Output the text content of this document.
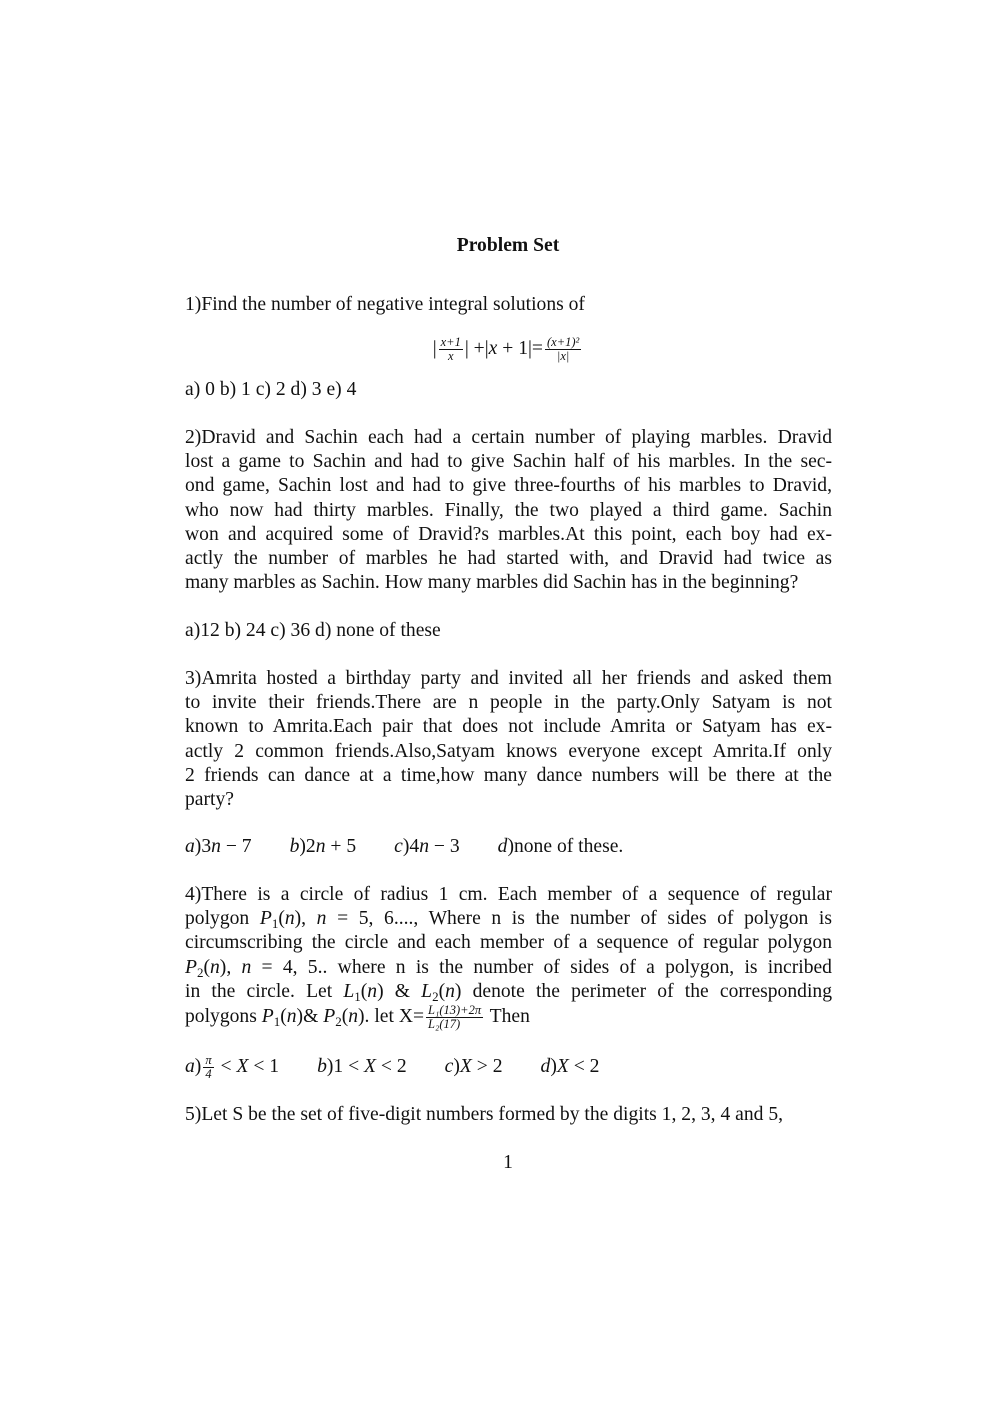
Problem Set
1)Find the number of negative integral solutions of
| $\frac{x+1}{x}$ | $+|x + 1|= \frac{\text{(x+1)²}}{|x|}$
a) 0 b) 1 c) 2 d) 3 e) 4
2)Dravid and Sachin each had a certain number of playing marbles. Dravid
lost a game to Sachin and had to give Sachin half of his marbles. In the sec-
ond game, Sachin lost and had to give three-fourths of his marbles to Dravid,
who now had thirty marbles. Finally, the two played a third game. Sachin
won and acquired some of Dravid?s marbles.At this point, each boy had ex-
actly the number of marbles he had started with, and Dravid had twice as
many marbles as Sachin. How many marbles did Sachin has in the beginning?
a)12 b) 24 c) 36 d) none of these
3)Amrita hosted a birthday party and invited all her friends and asked them
to invite their friends.There are n people in the party.Only Satyam is not
known to Amrita.Each pair that does not include Amrita or Satyam has ex-
actly 2 common friends.Also,Satyam knows everyone except Amrita.If only
2 friends can dance at a time,how many dance numbers will be there at the
party?
a)3n − 7 b)2n + 5 c)4n − 3 d)none of these.
4)There is a circle of radius 1 cm. Each member of a sequence of regular
polygon $P_1(n)$, n = 5, 6...., Where n is the number of sides of polygon is
circumscribing the circle and each member of a sequence of regular polygon
$P_2(n)$, n = 4, 5.. where n is the number of sides of a polygon, is incribed
in the circle. Let $L_1(n)$ & $L_2(n)$ denote the perimeter of the corresponding
polygons $P_1(n)\&$ $P_2(n)$. let $X= \frac{\text{L₁(13)+2π}}{\text{L₂(17)}}$ Then
$a) \frac{\pi}{4} < X < 1$ b)1 < X < 2 c)X > 2 d)X < 2
5)Let S be the set of five-digit numbers formed by the digits 1, 2, 3, 4 and 5,
1
